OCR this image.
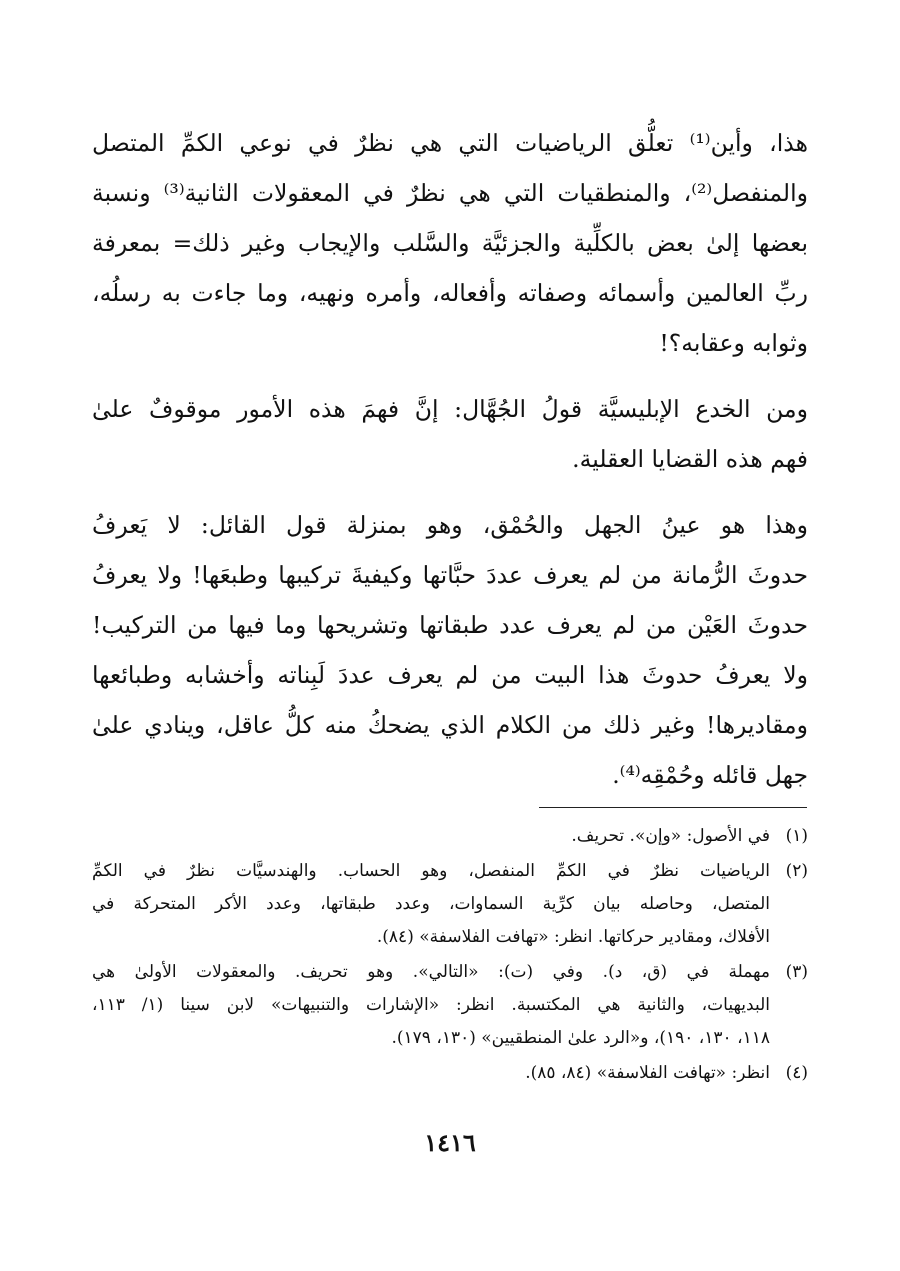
هذا، وأين⁽¹⁾ تعلُّق الرياضيات التي هي نظرٌ في نوعي الكمِّ المتصل
والمنفصل⁽²⁾، والمنطقيات التي هي نظرٌ في المعقولات الثانية⁽³⁾ ونسبة
بعضها إلىٰ بعض بالكلِّية والجزئيَّة والسَّلب والإيجاب وغير ذلك= بمعرفة
ربِّ العالمين وأسمائه وصفاته وأفعاله، وأمره ونهيه، وما جاءت به رسلُه،
وثوابه وعقابه؟!

ومن الخدع الإبليسيَّة قولُ الجُهَّال: إنَّ فهمَ هذه الأمور موقوفٌ علىٰ
فهم هذه القضايا العقلية.

وهذا هو عينُ الجهل والحُمْق، وهو بمنزلة قول القائل: لا يَعرفُ
حدوثَ الرُّمانة من لم يعرف عددَ حبَّاتها وكيفيةَ تركيبها وطبعَها! ولا يعرفُ
حدوثَ العَيْن من لم يعرف عدد طبقاتها وتشريحها وما فيها من التركيب!
ولا يعرفُ حدوثَ هذا البيت من لم يعرف عددَ لَبِناته وأخشابه وطبائعها
ومقاديرها! وغير ذلك من الكلام الذي يضحكُ منه كلُّ عاقل، وينادي علىٰ
جهل قائله وحُمْقِه⁽⁴⁾.

(١)
في الأصول: «وإن». تحريف.
(٢)
الرياضيات نظرٌ في الكمِّ المنفصل، وهو الحساب. والهندسيَّات نظرٌ في الكمِّ
المتصل، وحاصله بيان كرِّية السماوات، وعدد طبقاتها، وعدد الأكر المتحركة في
الأفلاك، ومقادير حركاتها. انظر: «تهافت الفلاسفة» (٨٤).
(٣)
مهملة في (ق، د). وفي (ت): «التالي». وهو تحريف. والمعقولات الأولىٰ هي
البديهيات، والثانية هي المكتسبة. انظر: «الإشارات والتنبيهات» لابن سينا (١/ ١١٣،
١١٨، ١٣٠، ١٩٠)، و«الرد علىٰ المنطقيين» (١٣٠، ١٧٩).
(٤)
انظر: «تهافت الفلاسفة» (٨٤، ٨٥).
١٤١٦
